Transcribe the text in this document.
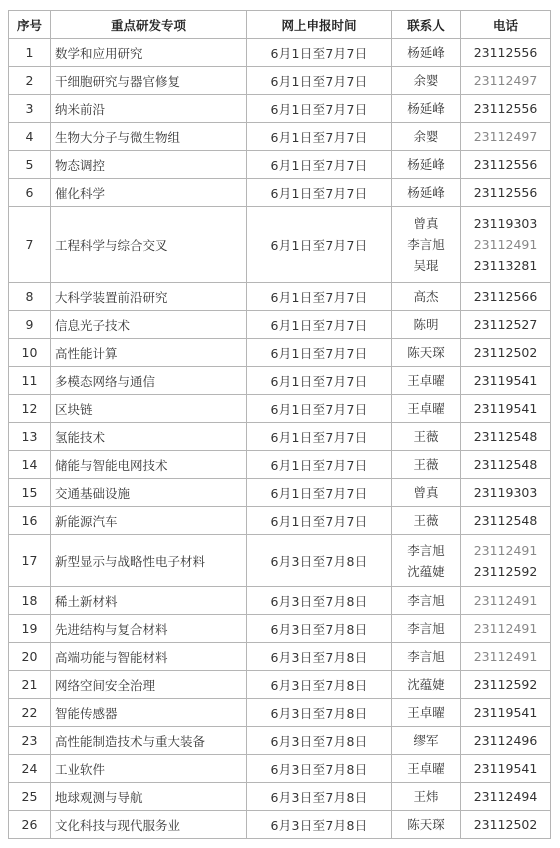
序号	重点研发专项	网上申报时间	联系人	电话
1	数学和应用研究	6月1日至7月7日	杨延峰	23112556

2	干细胞研究与器官修复	6月1日至7月7日	余婴	23112497

3	纳米前沿	6月1日至7月7日	杨延峰	23112556

4	生物大分子与微生物组	6月1日至7月7日	余婴	23112497

5	物态调控	6月1日至7月7日	杨延峰	23112556

6	催化科学	6月1日至7月7日	杨延峰	23112556

7	工程科学与综合交叉	6月1日至7月7日	曾真
李言旭
吴琨	23119303
23112491
23113281

8	大科学装置前沿研究	6月1日至7月7日	高杰	23112566

9	信息光子技术	6月1日至7月7日	陈明	23112527

10	高性能计算	6月1日至7月7日	陈天琛	23112502

11	多模态网络与通信	6月1日至7月7日	王卓曜	23119541

12	区块链	6月1日至7月7日	王卓曜	23119541

13	氢能技术	6月1日至7月7日	王薇	23112548

14	储能与智能电网技术	6月1日至7月7日	王薇	23112548

15	交通基础设施	6月1日至7月7日	曾真	23119303

16	新能源汽车	6月1日至7月7日	王薇	23112548

17	新型显示与战略性电子材料	6月3日至7月8日	李言旭
沈蕴婕	23112491
23112592

18	稀土新材料	6月3日至7月8日	李言旭	23112491

19	先进结构与复合材料	6月3日至7月8日	李言旭	23112491

20	高端功能与智能材料	6月3日至7月8日	李言旭	23112491

21	网络空间安全治理	6月3日至7月8日	沈蕴婕	23112592

22	智能传感器	6月3日至7月8日	王卓曜	23119541

23	高性能制造技术与重大装备	6月3日至7月8日	缪军	23112496

24	工业软件	6月3日至7月8日	王卓曜	23119541

25	地球观测与导航	6月3日至7月8日	王炜	23112494

26	文化科技与现代服务业	6月3日至7月8日	陈天琛	23112502
